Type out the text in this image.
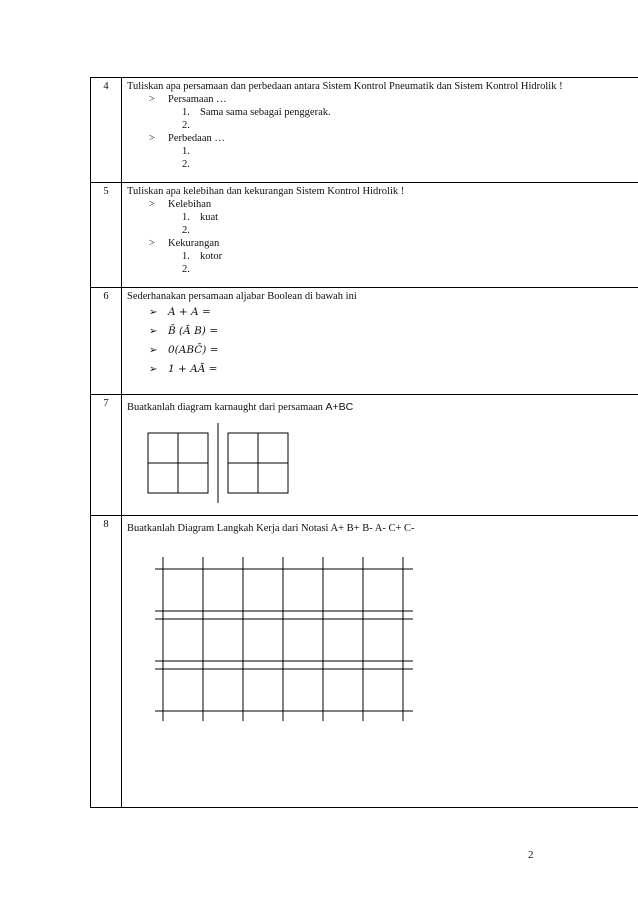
4	Tuliskan apa persamaan dan perbedaan antara Sistem Kontrol Pneumatik dan Sistem Kontrol Hidrolik !
> Persamaan …
1. Sama sama sebagai penggerak.
2.
> Perbedaan …
1.
2.
5	Tuliskan apa kelebihan dan kekurangan Sistem Kontrol Hidrolik !
> Kelebihan
1. kuat
2.
> Kekurangan
1. kotor
2.
6	Sederhanakan persamaan aljabar Boolean di bawah ini
➢ A + A =
➢ B̄ (Ā B) =
➢ 0(ABC̄) =
➢ 1 + AĀ =
7	Buatkanlah diagram karnaught dari persamaan A+BC
8	Buatkanlah Diagram Langkah Kerja dari Notasi A+ B+ B- A- C+ C-
2
